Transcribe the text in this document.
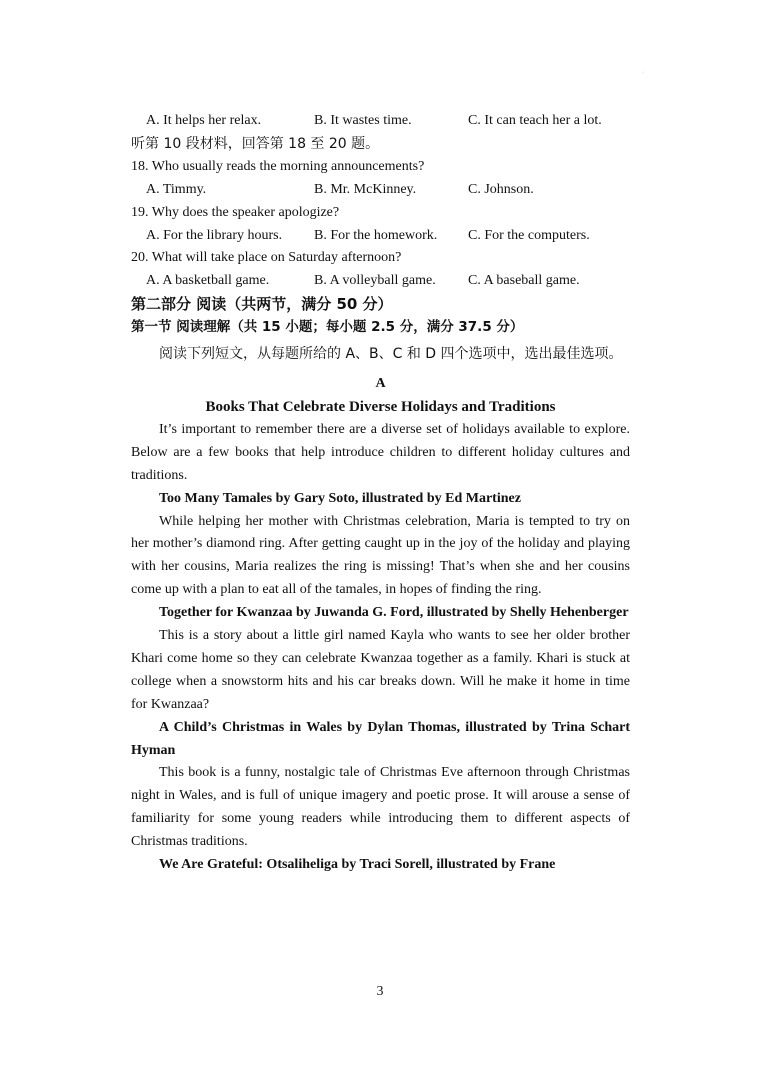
·
A. It helps her relax.	B. It wastes time.	C. It can teach her a lot.

听第 10 段材料，回答第 18 至 20 题。

18. Who usually reads the morning announcements?

A. Timmy.	B. Mr. McKinney.	C. Johnson.

19. Why does the speaker apologize?

A. For the library hours.	B. For the homework.	C. For the computers.

20. What will take place on Saturday afternoon?

A. A basketball game.	B. A volleyball game.	C. A baseball game.

第二部分 阅读（共两节，满分 50 分）

第一节 阅读理解（共 15 小题；每小题 2.5 分，满分 37.5 分）

阅读下列短文，从每题所给的 A、B、C 和 D 四个选项中，选出最佳选项。

A

Books That Celebrate Diverse Holidays and Traditions

It’s important to remember there are a diverse set of holidays available to explore. Below are a few books that help introduce children to different holiday cultures and traditions.

Too Many Tamales by Gary Soto, illustrated by Ed Martinez

While helping her mother with Christmas celebration, Maria is tempted to try on her mother’s diamond ring. After getting caught up in the joy of the holiday and playing with her cousins, Maria realizes the ring is missing! That’s when she and her cousins come up with a plan to eat all of the tamales, in hopes of finding the ring.

Together for Kwanzaa by Juwanda G. Ford, illustrated by Shelly Hehenberger

This is a story about a little girl named Kayla who wants to see her older brother Khari come home so they can celebrate Kwanzaa together as a family. Khari is stuck at college when a snowstorm hits and his car breaks down. Will he make it home in time for Kwanzaa?

A Child’s Christmas in Wales by Dylan Thomas, illustrated by Trina Schart Hyman

This book is a funny, nostalgic tale of Christmas Eve afternoon through Christmas night in Wales, and is full of unique imagery and poetic prose. It will arouse a sense of familiarity for some young readers while introducing them to different aspects of Christmas traditions.

We Are Grateful: Otsaliheliga by Traci Sorell, illustrated by Frane

3
